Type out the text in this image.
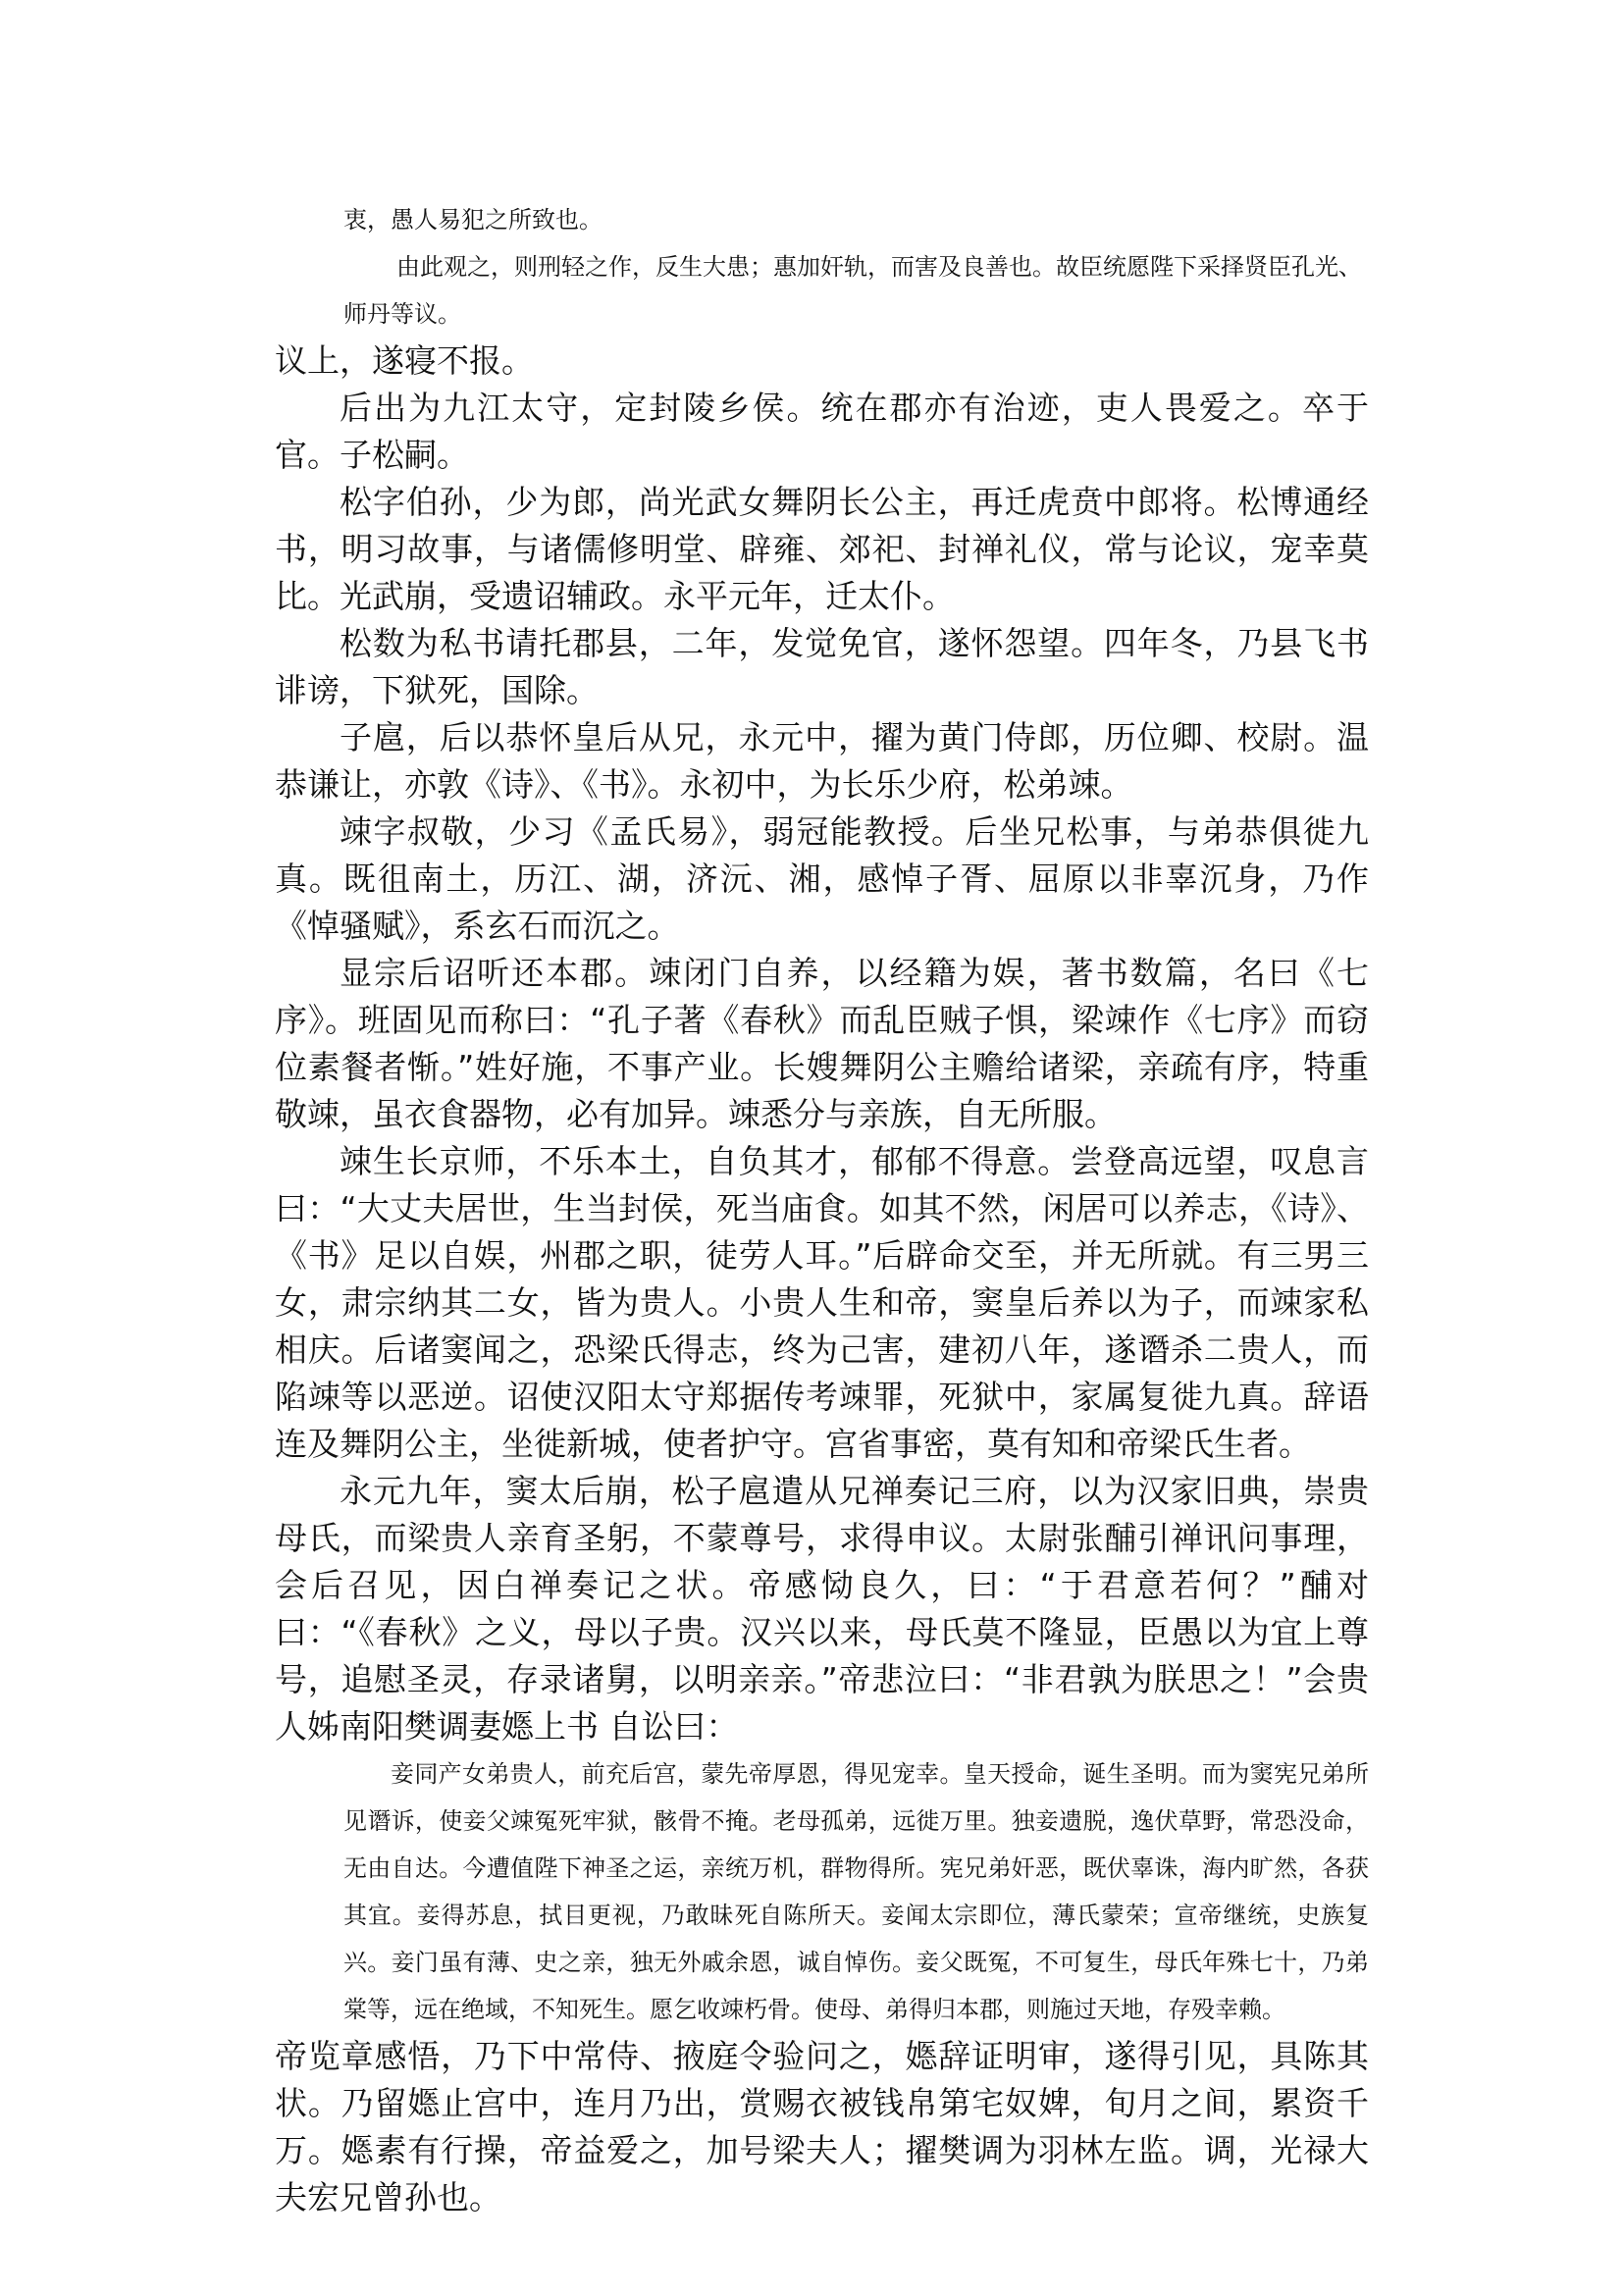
衷，愚人易犯之所致也。

由此观之，则刑轻之作，反生大患；惠加奸轨，而害及良善也。故臣统愿陛下采择贤臣孔光、师丹等议。

议上，遂寝不报。

后出为九江太守，定封陵乡侯。统在郡亦有治迹，吏人畏爱之。卒于官。子松嗣。

松字伯孙，少为郎，尚光武女舞阴长公主，再迁虎贲中郎将。松博通经书，明习故事，与诸儒修明堂、辟雍、郊祀、封禅礼仪，常与论议，宠幸莫比。光武崩，受遗诏辅政。永平元年，迁太仆。

松数为私书请托郡县，二年，发觉免官，遂怀怨望。四年冬，乃县飞书诽谤，下狱死，国除。

子扈，后以恭怀皇后从兄，永元中，擢为黄门侍郎，历位卿、校尉。温恭谦让，亦敦《诗》、《书》。永初中，为长乐少府，松弟竦。

竦字叔敬，少习《孟氏易》，弱冠能教授。后坐兄松事，与弟恭俱徙九真。既徂南土，历江、湖，济沅、湘，感悼子胥、屈原以非辜沉身，乃作《悼骚赋》，系玄石而沉之。

显宗后诏听还本郡。竦闭门自养，以经籍为娱，著书数篇，名曰《七序》。班固见而称曰：“孔子著《春秋》而乱臣贼子惧，梁竦作《七序》而窃位素餐者惭。”姓好施，不事产业。长嫂舞阴公主赡给诸梁，亲疏有序，特重敬竦，虽衣食器物，必有加异。竦悉分与亲族，自无所服。

竦生长京师，不乐本土，自负其才，郁郁不得意。尝登高远望，叹息言曰：“大丈夫居世，生当封侯，死当庙食。如其不然，闲居可以养志，《诗》、《书》足以自娱，州郡之职，徒劳人耳。”后辟命交至，并无所就。有三男三女，肃宗纳其二女，皆为贵人。小贵人生和帝，窦皇后养以为子，而竦家私相庆。后诸窦闻之，恐梁氏得志，终为己害，建初八年，遂谮杀二贵人，而陷竦等以恶逆。诏使汉阳太守郑据传考竦罪，死狱中，家属复徙九真。辞语连及舞阴公主，坐徙新城，使者护守。宫省事密，莫有知和帝梁氏生者。

永元九年，窦太后崩，松子扈遣从兄禅奏记三府，以为汉家旧典，崇贵母氏，而梁贵人亲育圣躬，不蒙尊号，求得申议。太尉张酺引禅讯问事理，会后召见，因白禅奏记之状。帝感恸良久，曰：“于君意若何？”酺对曰：“《春秋》之义，母以子贵。汉兴以来，母氏莫不隆显，臣愚以为宜上尊号，追慰圣灵，存录诸舅，以明亲亲。”帝悲泣曰：“非君孰为朕思之！”会贵人姊南阳樊调妻嫕上书 自讼曰：

妾同产女弟贵人，前充后宫，蒙先帝厚恩，得见宠幸。皇天授命，诞生圣明。而为窦宪兄弟所见谮诉，使妾父竦冤死牢狱，骸骨不掩。老母孤弟，远徙万里。独妾遗脱，逸伏草野，常恐没命，无由自达。今遭值陛下神圣之运，亲统万机，群物得所。宪兄弟奸恶，既伏辜诛，海内旷然，各获其宜。妾得苏息，拭目更视，乃敢昧死自陈所天。妾闻太宗即位，薄氏蒙荣；宣帝继统，史族复兴。妾门虽有薄、史之亲，独无外戚余恩，诚自悼伤。妾父既冤，不可复生，母氏年殊七十，乃弟棠等，远在绝域，不知死生。愿乞收竦朽骨。使母、弟得归本郡，则施过天地，存殁幸赖。

帝览章感悟，乃下中常侍、掖庭令验问之，嫕辞证明审，遂得引见，具陈其状。乃留嫕止宫中，连月乃出，赏赐衣被钱帛第宅奴婢，旬月之间，累资千万。嫕素有行操，帝益爱之，加号梁夫人；擢樊调为羽林左监。调，光禄大夫宏兄曾孙也。
